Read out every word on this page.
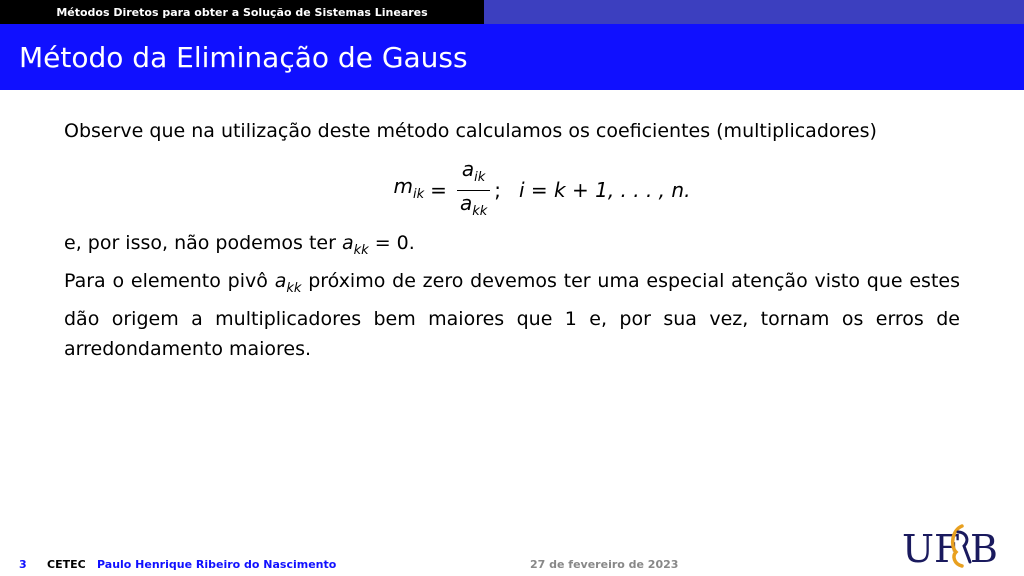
Métodos Diretos para obter a Solução de Sistemas Lineares
Método da Eliminação de Gauss

Observe que na utilização deste método calculamos os coeficientes (multiplicadores)

$m_{ik} = \frac{a_{ik}}{a_{kk}}$ ; i = k + 1, . . . , n.

e, por isso, não podemos ter $a_{kk} = 0$.

Para o elemento pivô $a_{kk}$ próximo de zero devemos ter uma especial atenção visto que estes dão origem a multiplicadores bem maiores que 1 e, por sua vez, tornam os erros de arredondamento maiores.

3 CETEC Paulo Henrique Ribeiro do Nascimento	27 de fevereiro de 2023	UF B
